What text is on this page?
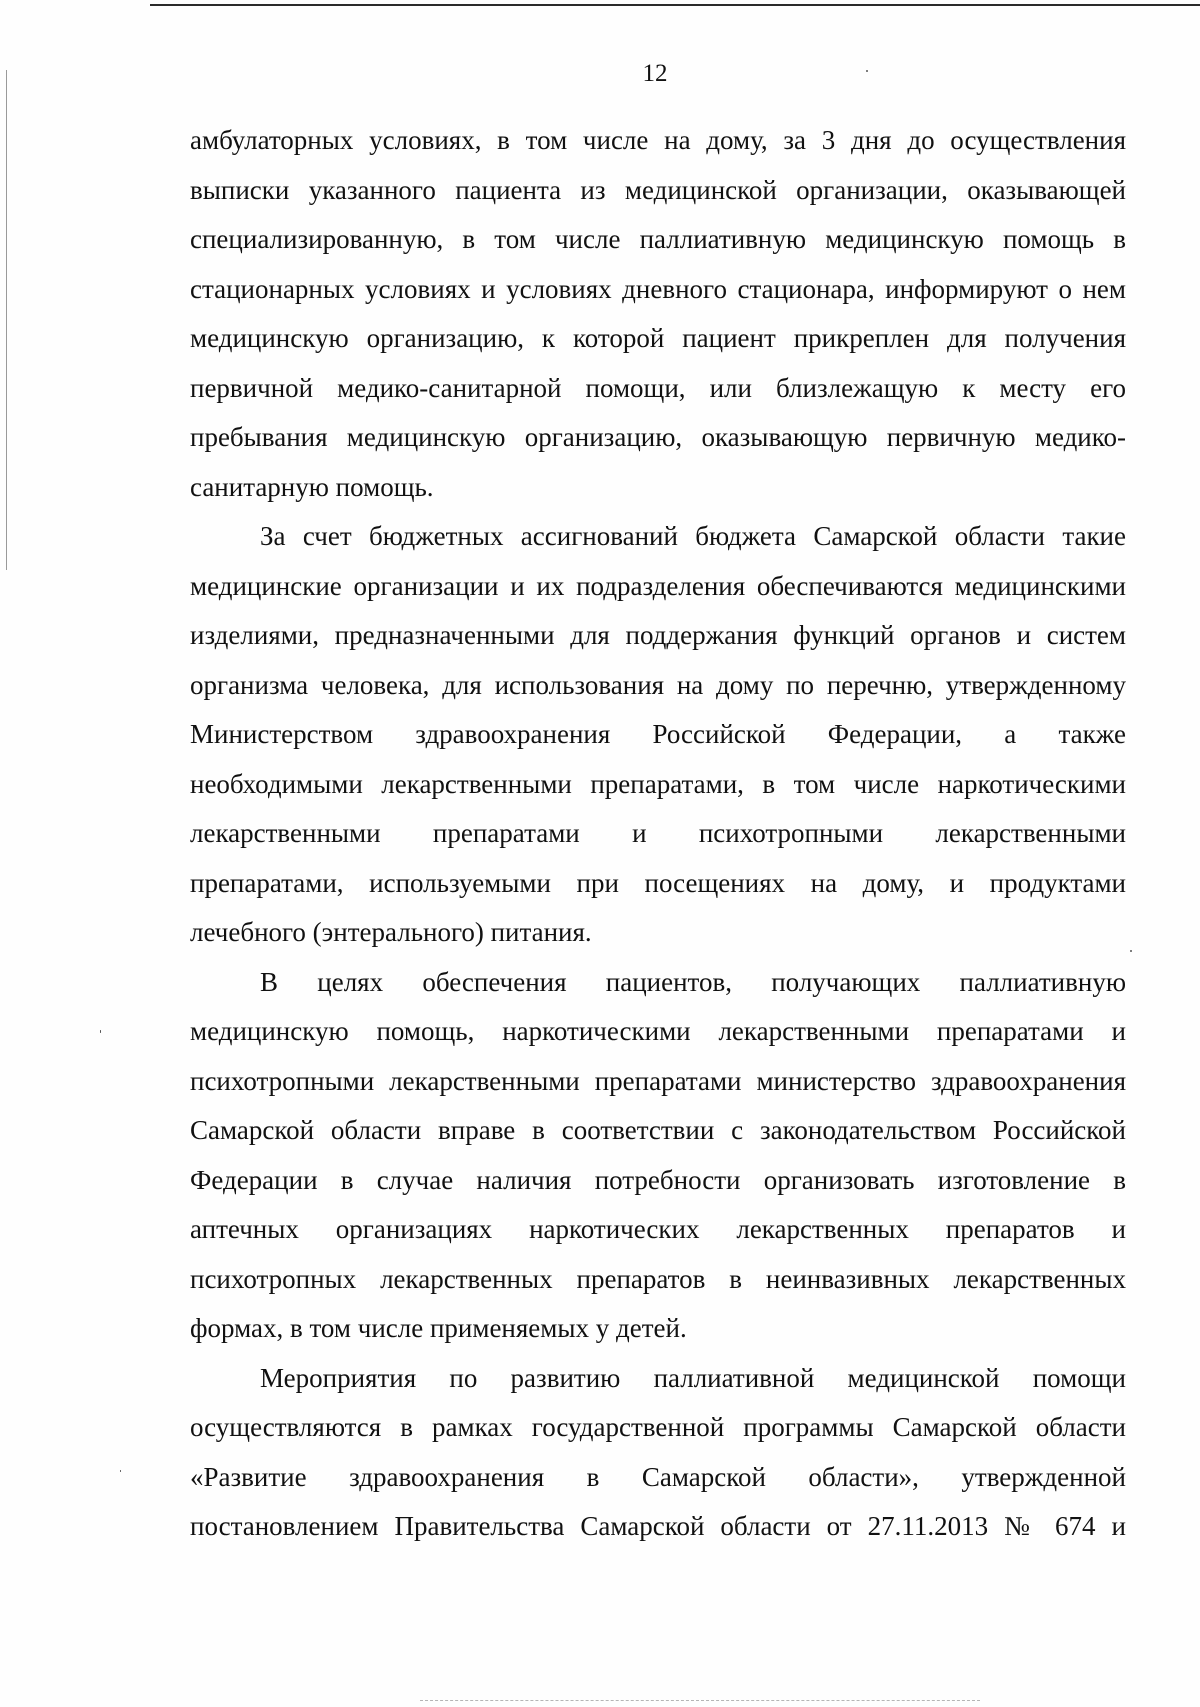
12
амбулаторных условиях, в том числе на дому, за 3 дня до осуществления
выписки указанного пациента из медицинской организации, оказывающей
специализированную, в том числе паллиативную медицинскую помощь в
стационарных условиях и условиях дневного стационара, информируют о нем
медицинскую организацию, к которой пациент прикреплен для получения
первичной медико-санитарной помощи, или близлежащую к месту его
пребывания медицинскую организацию, оказывающую первичную медико-
санитарную помощь.
За счет бюджетных ассигнований бюджета Самарской области такие
медицинские организации и их подразделения обеспечиваются медицинскими
изделиями, предназначенными для поддержания функций органов и систем
организма человека, для использования на дому по перечню, утвержденному
Министерством здравоохранения Российской Федерации, а также
необходимыми лекарственными препаратами, в том числе наркотическими
лекарственными препаратами и психотропными лекарственными
препаратами, используемыми при посещениях на дому, и продуктами
лечебного (энтерального) питания.
В целях обеспечения пациентов, получающих паллиативную
медицинскую помощь, наркотическими лекарственными препаратами и
психотропными лекарственными препаратами министерство здравоохранения
Самарской области вправе в соответствии с законодательством Российской
Федерации в случае наличия потребности организовать изготовление в
аптечных организациях наркотических лекарственных препаратов и
психотропных лекарственных препаратов в неинвазивных лекарственных
формах, в том числе применяемых у детей.
Мероприятия по развитию паллиативной медицинской помощи
осуществляются в рамках государственной программы Самарской области
«Развитие здравоохранения в Самарской области», утвержденной
постановлением Правительства Самарской области от 27.11.2013 № 674 и
